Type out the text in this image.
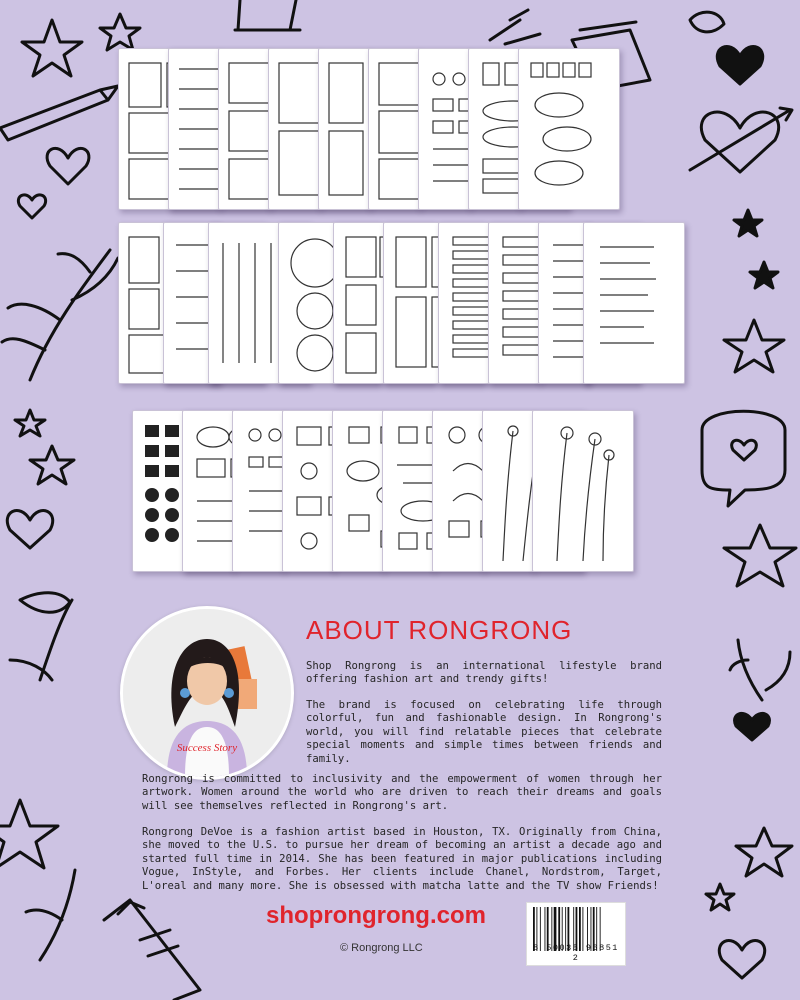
Success Story
ABOUT RONGRONG

Shop Rongrong is an international lifestyle brand offering fashion art and trendy gifts!

The brand is focused on celebrating life through colorful, fun and fashionable design. In Rongrong's world, you will find relatable pieces that celebrate special moments and simple times between friends and family.

Rongrong is committed to inclusivity and the empowerment of women through her artwork. Women around the world who are driven to reach their dreams and goals will see themselves reflected in Rongrong's art.

Rongrong DeVoe is a fashion artist based in Houston, TX. Originally from China, she moved to the U.S. to pursue her dream of becoming an artist a decade ago and started full time in 2014. She has been featured in major publications including Vogue, InStyle, and Forbes. Her clients include Chanel, Nordstrom, Target, L'oreal and many more. She is obsessed with matcha latte and the TV show Friends!

shoprongrong.com

© Rongrong LLC	8 50035 96851 2
